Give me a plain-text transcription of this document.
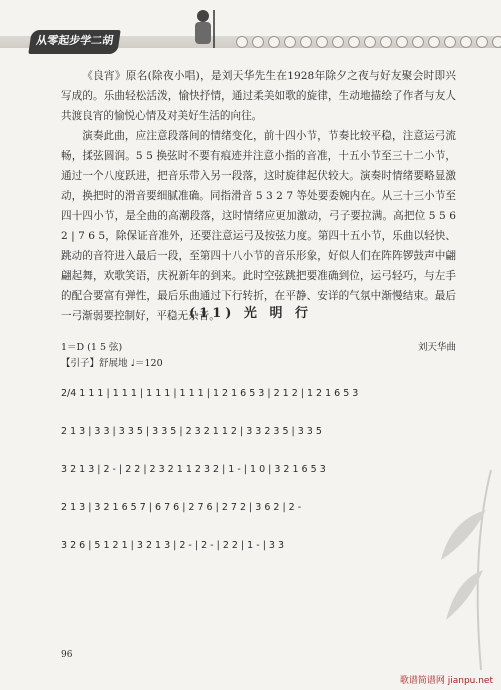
从零起步学二胡

《良宵》原名(除夜小唱)，是刘天华先生在1928年除夕之夜与好友聚会时即兴写成的。乐曲轻松活泼，愉快抒情，通过柔美如歌的旋律，生动地描绘了作者与友人共渡良宵的愉悦心情及对美好生活的向往。

演奏此曲，应注意段落间的情绪变化，前十四小节，节奏比较平稳，注意运弓流畅，揉弦圆润。5 5 换弦时不要有痕迹并注意小指的音准，十五小节至三十二小节，通过一个八度跃进，把音乐带入另一段落，这时旋律起伏较大。演奏时情绪要略显激动，换把时的滑音要细腻准确。同指滑音 5 3 2 7 等处要委婉内在。从三十三小节至四十四小节，是全曲的高潮段落，这时情绪应更加激动，弓子要拉满。高把位 5 5 6 2 | 7 6 5，除保证音准外，还要注意运弓及按弦力度。第四十五小节，乐曲以轻快、跳动的音符进入最后一段，至第四十八小节的音乐形象，好似人们在阵阵锣鼓声中翩翩起舞，欢歌笑语，庆祝新年的到来。此时空弦跳把要准确到位，运弓轻巧，与左手的配合要富有弹性，最后乐曲通过下行转折，在平静、安详的气氛中渐慢结束。最后一弓渐弱要控制好，平稳无杂音。

(11) 光 明 行
1＝D (1 5 弦)
【引子】舒展地 ♩＝120
刘天华曲
2/4 1 1 1 | 1 1 1 | 1 1 1 | 1 1 1 | 1 2 1 6 5 3 | 2 1 2 | 1 2 1 6 5 3
2 1 3 | 3 3 | 3 3 5 | 3 3 5 | 2 3 2 1 1 2 | 3 3 2 3 5 | 3 3 5
3 2 1 3 | 2 - | 2 2 | 2 3 2 1 1 2 3 2 | 1 - | 1 0 | 3 2 1 6 5 3
2 1 3 | 3 2 1 6 5 7 | 6 7 6 | 2 7 6 | 2 7 2 | 3 6 2 | 2 -
3 2 6 | 5 1 2 1 | 3 2 1 3 | 2 - | 2 - | 2 2 | 1 - | 3 3
96
歌谱简谱网 jianpu.net
